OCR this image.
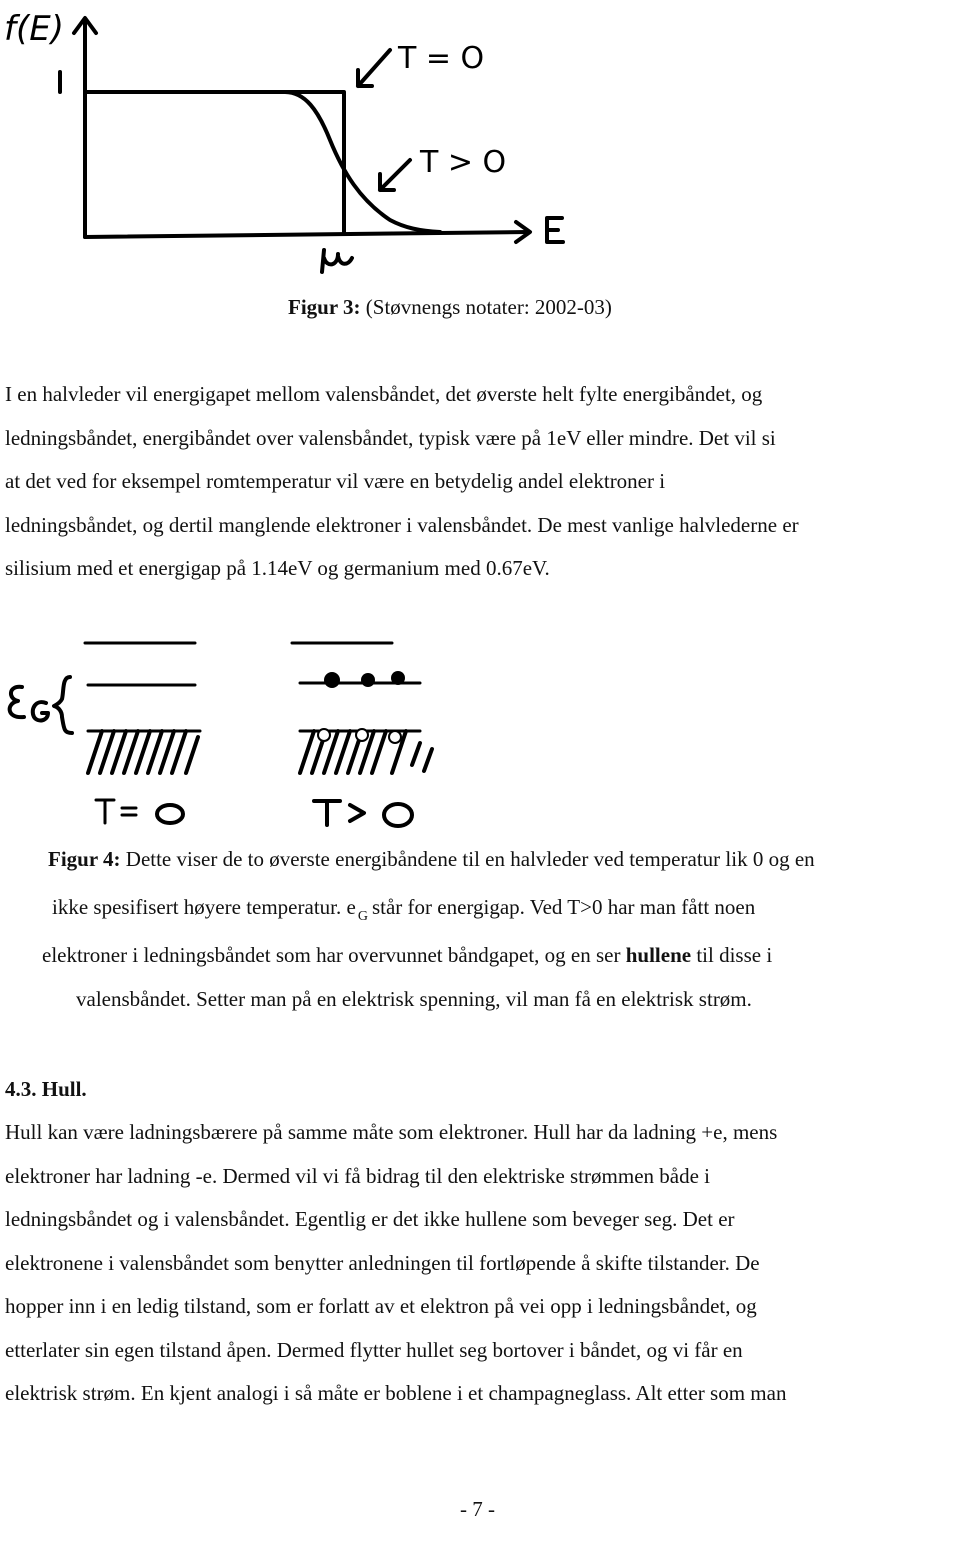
f(E)
T = O
T > O
Figur 3: (Støvnengs notater: 2002-03)
I en halvleder vil energigapet mellom valensbåndet, det øverste helt fylte energibåndet, og
ledningsbåndet, energibåndet over valensbåndet, typisk være på 1eV eller mindre. Det vil si
at det ved for eksempel romtemperatur vil være en betydelig andel elektroner i
ledningsbåndet, og dertil manglende elektroner i valensbåndet. De mest vanlige halvlederne er
silisium med et energigap på 1.14eV og germanium med 0.67eV.
Figur 4: Dette viser de to øverste energibåndene til en halvleder ved temperatur lik 0 og en
ikke spesifisert høyere temperatur. e $_G$ står for energigap. Ved T>0 har man fått noen
elektroner i ledningsbåndet som har overvunnet båndgapet, og en ser hullene til disse i
valensbåndet. Setter man på en elektrisk spenning, vil man få en elektrisk strøm.
4.3. Hull.
Hull kan være ladningsbærere på samme måte som elektroner. Hull har da ladning +e, mens
elektroner har ladning -e. Dermed vil vi få bidrag til den elektriske strømmen både i
ledningsbåndet og i valensbåndet. Egentlig er det ikke hullene som beveger seg. Det er
elektronene i valensbåndet som benytter anledningen til fortløpende å skifte tilstander. De
hopper inn i en ledig tilstand, som er forlatt av et elektron på vei opp i ledningsbåndet, og
etterlater sin egen tilstand åpen. Dermed flytter hullet seg bortover i båndet, og vi får en
elektrisk strøm. En kjent analogi i så måte er boblene i et champagneglass. Alt etter som man
- 7 -
